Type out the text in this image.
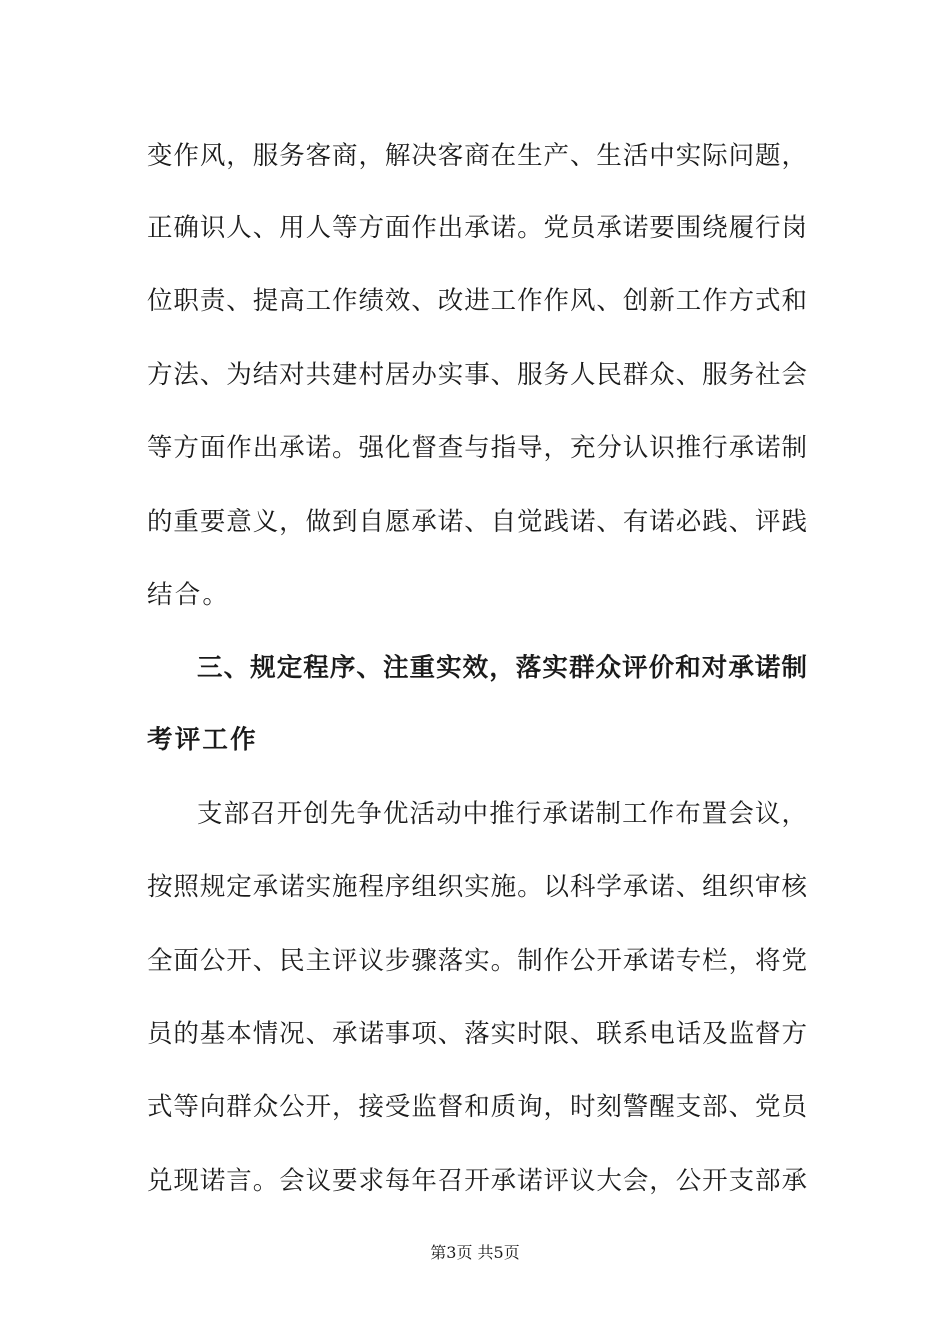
变作风，服务客商，解决客商在生产、生活中实际问题，
正确识人、用人等方面作出承诺。党员承诺要围绕履行岗
位职责、提高工作绩效、改进工作作风、创新工作方式和
方法、为结对共建村居办实事、服务人民群众、服务社会
等方面作出承诺。强化督查与指导，充分认识推行承诺制
的重要意义，做到自愿承诺、自觉践诺、有诺必践、评践
结合。
三、规定程序、注重实效，落实群众评价和对承诺制
考评工作
支部召开创先争优活动中推行承诺制工作布置会议，
按照规定承诺实施程序组织实施。以科学承诺、组织审核
全面公开、民主评议步骤落实。制作公开承诺专栏，将党
员的基本情况、承诺事项、落实时限、联系电话及监督方
式等向群众公开，接受监督和质询，时刻警醒支部、党员
兑现诺言。会议要求每年召开承诺评议大会，公开支部承
第3页 共5页
